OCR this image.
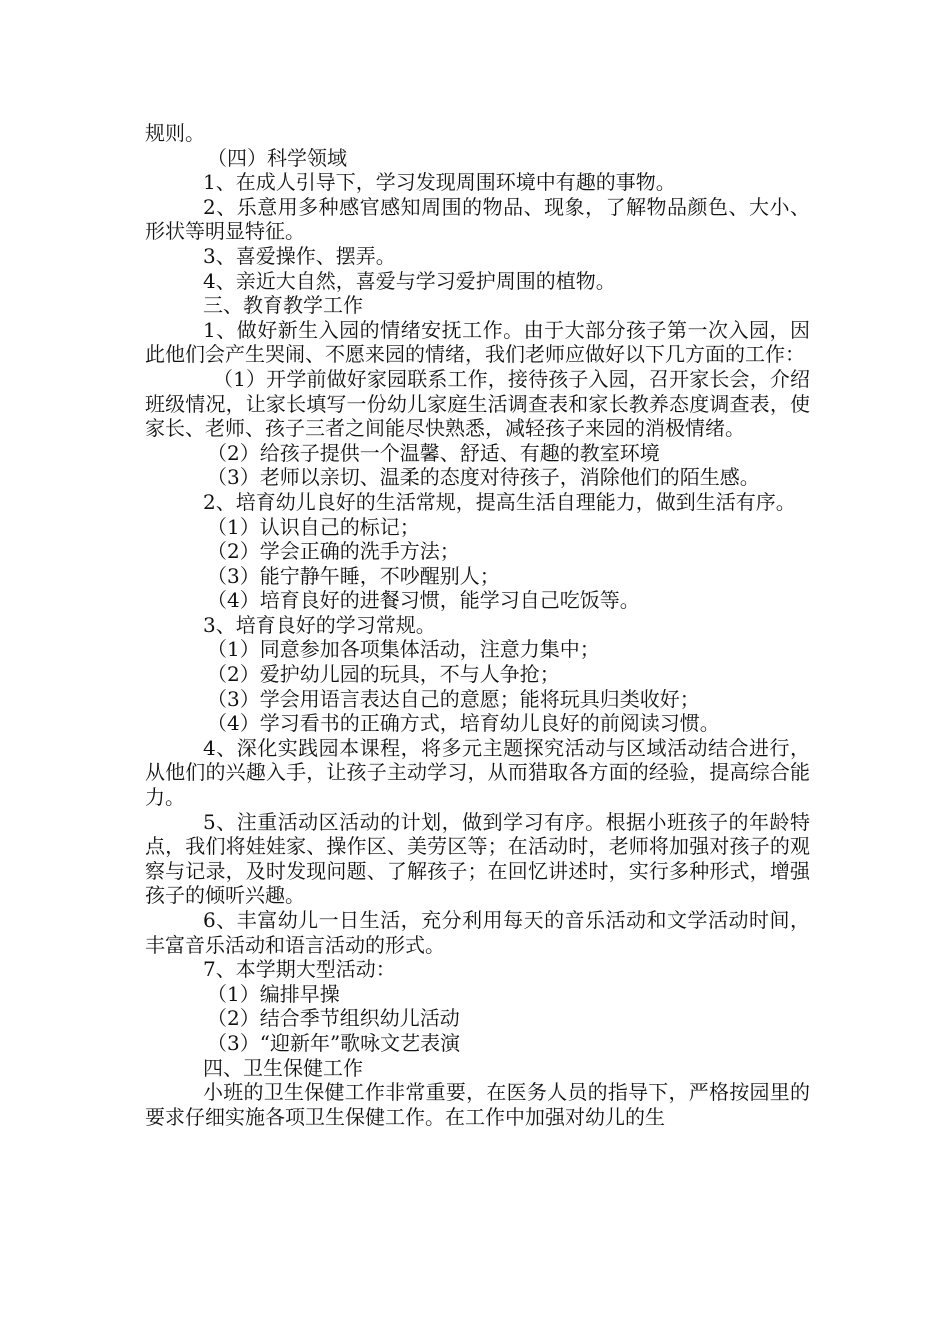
规则。

（四）科学领域

1、在成人引导下，学习发现周围环境中有趣的事物。

2、乐意用多种感官感知周围的物品、现象，了解物品颜色、大小、形状等明显特征。

3、喜爱操作、摆弄。

4、亲近大自然，喜爱与学习爱护周围的植物。

三、教育教学工作

1、做好新生入园的情绪安抚工作。由于大部分孩子第一次入园，因此他们会产生哭闹、不愿来园的情绪，我们老师应做好以下几方面的工作：

（1）开学前做好家园联系工作，接待孩子入园，召开家长会，介绍班级情况，让家长填写一份幼儿家庭生活调查表和家长教养态度调查表，使家长、老师、孩子三者之间能尽快熟悉，减轻孩子来园的消极情绪。

（2）给孩子提供一个温馨、舒适、有趣的教室环境

（3）老师以亲切、温柔的态度对待孩子，消除他们的陌生感。

2、培育幼儿良好的生活常规，提高生活自理能力，做到生活有序。

（1）认识自己的标记；

（2）学会正确的洗手方法；

（3）能宁静午睡，不吵醒别人；

（4）培育良好的进餐习惯，能学习自己吃饭等。

3、培育良好的学习常规。

（1）同意参加各项集体活动，注意力集中；

（2）爱护幼儿园的玩具，不与人争抢；

（3）学会用语言表达自己的意愿；能将玩具归类收好；

（4）学习看书的正确方式，培育幼儿良好的前阅读习惯。

4、深化实践园本课程，将多元主题探究活动与区域活动结合进行，从他们的兴趣入手，让孩子主动学习，从而猎取各方面的经验，提高综合能力。

5、注重活动区活动的计划，做到学习有序。根据小班孩子的年龄特点，我们将娃娃家、操作区、美劳区等；在活动时，老师将加强对孩子的观察与记录，及时发现问题、了解孩子；在回忆讲述时，实行多种形式，增强孩子的倾听兴趣。

6、丰富幼儿一日生活，充分利用每天的音乐活动和文学活动时间，丰富音乐活动和语言活动的形式。

7、本学期大型活动：

（1）编排早操

（2）结合季节组织幼儿活动

（3）“迎新年”歌咏文艺表演

四、卫生保健工作

小班的卫生保健工作非常重要，在医务人员的指导下，严格按园里的要求仔细实施各项卫生保健工作。在工作中加强对幼儿的生
